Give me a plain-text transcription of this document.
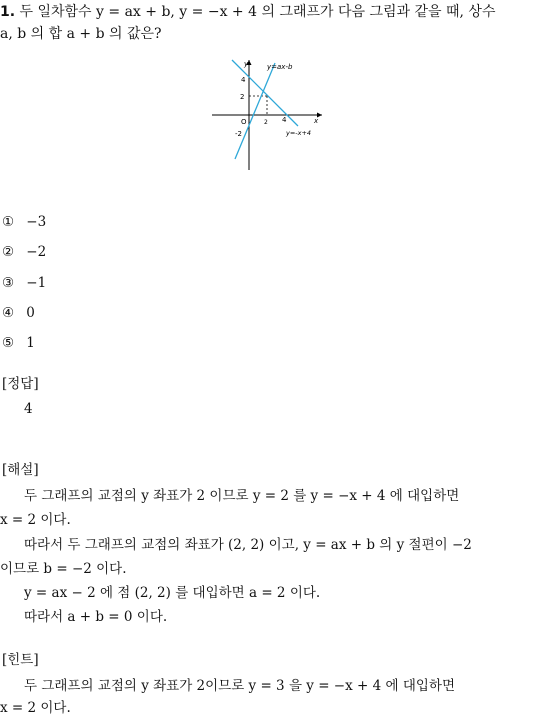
1. 두 일차함수 y = ax + b, y = −x + 4 의 그래프가 다음 그림과 같을 때, 상수
a, b 의 합 a + b 의 값은?
y
x
y=ax-b
y=-x+4
4
2
O	2 4
-2
① −3
② −2
③ −1
④ 0
⑤ 1
[정답]
4
[해설]
두 그래프의 교점의 y 좌표가 2 이므로 y = 2 를 y = −x + 4 에 대입하면
x = 2 이다.
따라서 두 그래프의 교점의 좌표가 (2, 2) 이고, y = ax + b 의 y 절편이 −2
이므로 b = −2 이다.
y = ax − 2 에 점 (2, 2) 를 대입하면 a = 2 이다.
따라서 a + b = 0 이다.
[힌트]
두 그래프의 교점의 y 좌표가 2이므로 y = 3 을 y = −x + 4 에 대입하면
x = 2 이다.
